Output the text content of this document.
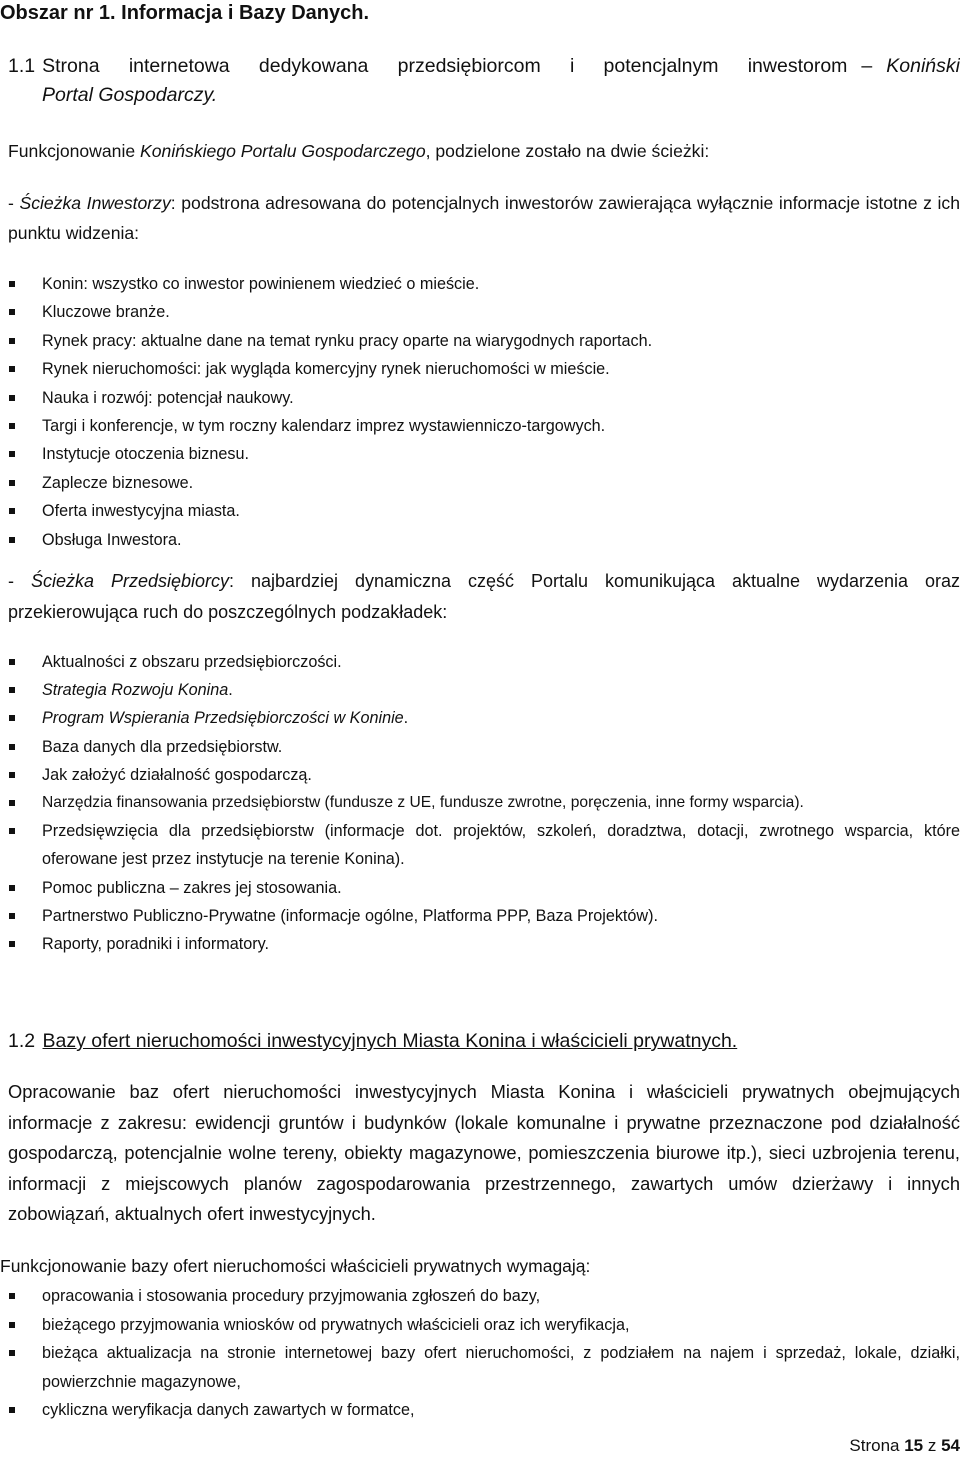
Obszar nr 1. Informacja i Bazy Danych.
1.1 Strona internetowa dedykowana przedsiębiorcom i potencjalnym inwestorom – Koniński
Portal Gospodarczy.
Funkcjonowanie Konińskiego Portalu Gospodarczego, podzielone zostało na dwie ścieżki:
- Ścieżka Inwestorzy: podstrona adresowana do potencjalnych inwestorów zawierająca wyłącznie informacje istotne z ich punktu widzenia:
Konin: wszystko co inwestor powinienem wiedzieć o mieście.
Kluczowe branże.
Rynek pracy: aktualne dane na temat rynku pracy oparte na wiarygodnych raportach.
Rynek nieruchomości: jak wygląda komercyjny rynek nieruchomości w mieście.
Nauka i rozwój: potencjał naukowy.
Targi i konferencje, w tym roczny kalendarz imprez wystawienniczo-targowych.
Instytucje otoczenia biznesu.
Zaplecze biznesowe.
Oferta inwestycyjna miasta.
Obsługa Inwestora.
- Ścieżka Przedsiębiorcy: najbardziej dynamiczna część Portalu komunikująca aktualne wydarzenia oraz przekierowująca ruch do poszczególnych podzakładek:
Aktualności z obszaru przedsiębiorczości.
Strategia Rozwoju Konina.
Program Wspierania Przedsiębiorczości w Koninie.
Baza danych dla przedsiębiorstw.
Jak założyć działalność gospodarczą.
Narzędzia finansowania przedsiębiorstw (fundusze z UE, fundusze zwrotne, poręczenia, inne formy wsparcia).
Przedsięwzięcia dla przedsiębiorstw (informacje dot. projektów, szkoleń, doradztwa, dotacji, zwrotnego wsparcia, które oferowane jest przez instytucje na terenie Konina).
Pomoc publiczna – zakres jej stosowania.
Partnerstwo Publiczno-Prywatne (informacje ogólne, Platforma PPP, Baza Projektów).
Raporty, poradniki i informatory.
1.2 Bazy ofert nieruchomości inwestycyjnych Miasta Konina i właścicieli prywatnych.
Opracowanie baz ofert nieruchomości inwestycyjnych Miasta Konina i właścicieli prywatnych obejmujących informacje z zakresu: ewidencji gruntów i budynków (lokale komunalne i prywatne przeznaczone pod działalność gospodarczą, potencjalnie wolne tereny, obiekty magazynowe, pomieszczenia biurowe itp.), sieci uzbrojenia terenu, informacji z miejscowych planów zagospodarowania przestrzennego, zawartych umów dzierżawy i innych zobowiązań, aktualnych ofert inwestycyjnych.
Funkcjonowanie bazy ofert nieruchomości właścicieli prywatnych wymagają:
opracowania i stosowania procedury przyjmowania zgłoszeń do bazy,
bieżącego przyjmowania wniosków od prywatnych właścicieli oraz ich weryfikacja,
bieżąca aktualizacja na stronie internetowej bazy ofert nieruchomości, z podziałem na najem i sprzedaż, lokale, działki, powierzchnie magazynowe,
cykliczna weryfikacja danych zawartych w formatce,
Strona 15 z 54
